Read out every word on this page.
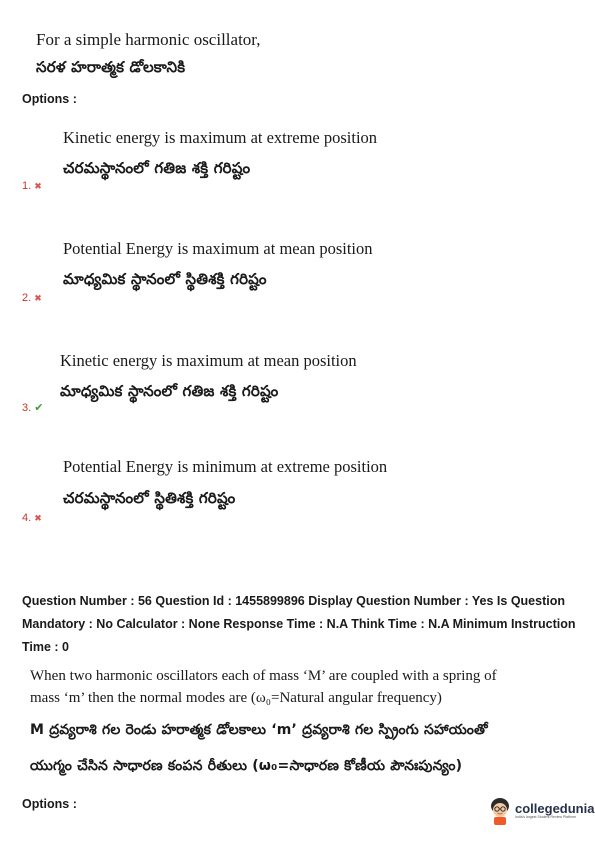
For a simple harmonic oscillator,
సరళ హరాత్మక డోలకానికి
Options :
Kinetic energy is maximum at extreme position
చరమస్థానంలో గతిజ శక్తి గరిష్టం
1. ✖
Potential Energy is maximum at mean position
మాధ్యమిక స్థానంలో స్థితిశక్తి గరిష్టం
2. ✖
Kinetic energy is maximum at mean position
మాధ్యమిక స్థానంలో గతిజ శక్తి గరిష్టం
3. ✔
Potential Energy is minimum at extreme position
చరమస్థానంలో స్థితిశక్తి గరిష్టం
4. ✖
Question Number : 56 Question Id : 1455899896 Display Question Number : Yes Is Question
Mandatory : No Calculator : None Response Time : N.A Think Time : N.A Minimum Instruction
Time : 0
When two harmonic oscillators each of mass ‘M’ are coupled with a spring of
mass ‘m’ then the normal modes are (ω₀=Natural angular frequency)
M ద్రవ్యరాశి గల రెండు హరాత్మక డోలకాలు ‘m’ ద్రవ్యరాశి గల స్ప్రింగు సహాయంతో
యుగ్మం చేసిన సాధారణ కంపన రీతులు (ω₀=సాధారణ కోణీయ పౌనఃపున్యం)
Options :	collegedunia
India's largest Student Review Platform
